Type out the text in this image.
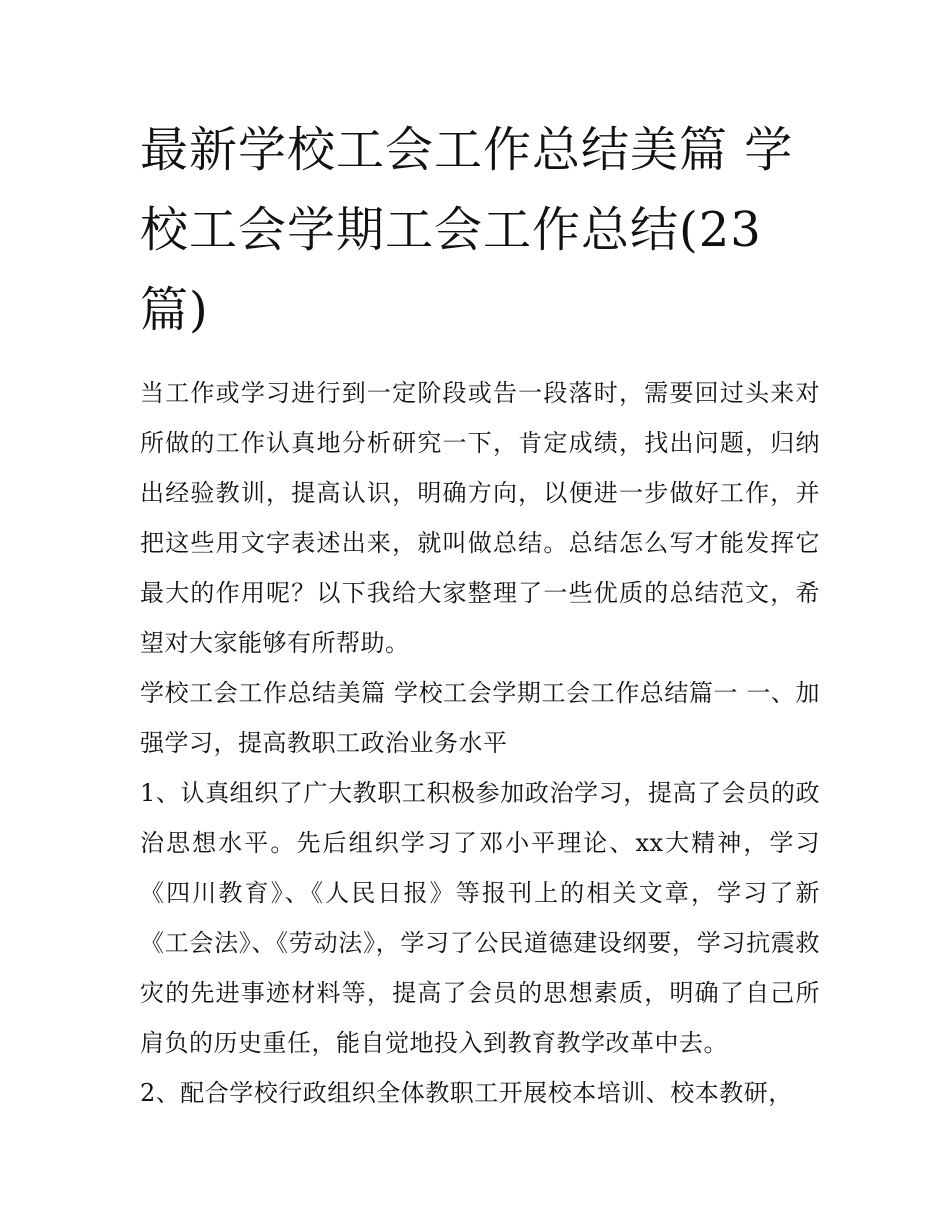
最新学校工会工作总结美篇 学校工会学期工会工作总结(23篇)

当工作或学习进行到一定阶段或告一段落时，需要回过头来对所做的工作认真地分析研究一下，肯定成绩，找出问题，归纳出经验教训，提高认识，明确方向，以便进一步做好工作，并把这些用文字表述出来，就叫做总结。总结怎么写才能发挥它最大的作用呢？以下我给大家整理了一些优质的总结范文，希望对大家能够有所帮助。

学校工会工作总结美篇 学校工会学期工会工作总结篇一 一、加强学习，提高教职工政治业务水平

1、认真组织了广大教职工积极参加政治学习，提高了会员的政治思想水平。先后组织学习了邓小平理论、xx大精神，学习《四川教育》、《人民日报》等报刊上的相关文章，学习了新《工会法》、《劳动法》，学习了公民道德建设纲要，学习抗震救灾的先进事迹材料等，提高了会员的思想素质，明确了自己所肩负的历史重任，能自觉地投入到教育教学改革中去。

2、配合学校行政组织全体教职工开展校本培训、校本教研，
